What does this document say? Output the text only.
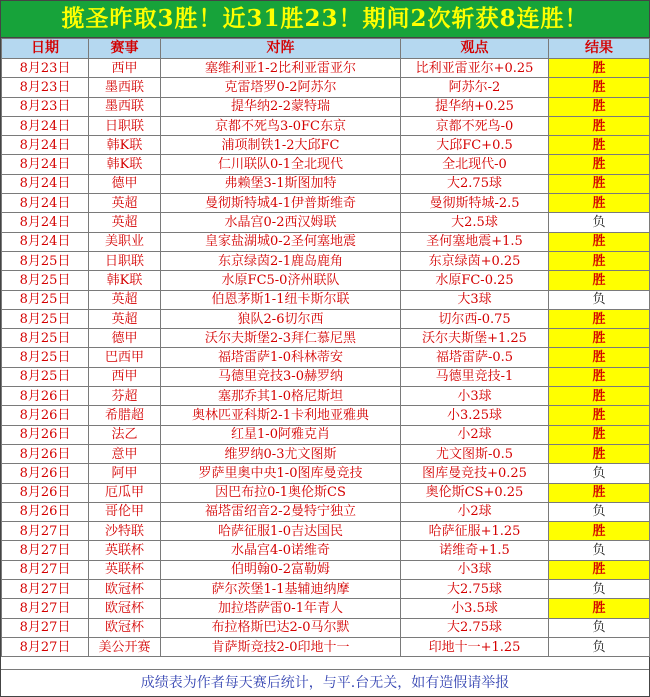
揽圣昨取3胜！近31胜23！期间2次斩获8连胜！
日期	赛事	对阵	观点	结果
8月23日	西甲	塞维利亚1-2比利亚雷亚尔	比利亚雷亚尔+0.25	胜
8月23日	墨西联	克雷塔罗0-2阿苏尔	阿苏尔-2	胜
8月23日	墨西联	提华纳2-2蒙特瑞	提华纳+0.25	胜
8月24日	日职联	京都不死鸟3-0FC东京	京都不死鸟-0	胜
8月24日	韩K联	浦项制铁1-2大邱FC	大邱FC+0.5	胜
8月24日	韩K联	仁川联队0-1全北现代	全北现代-0	胜
8月24日	德甲	弗赖堡3-1斯图加特	大2.75球	胜
8月24日	英超	曼彻斯特城4-1伊普斯维奇	曼彻斯特城-2.5	胜
8月24日	英超	水晶宫0-2西汉姆联	大2.5球	负
8月24日	美职业	皇家盐湖城0-2圣何塞地震	圣何塞地震+1.5	胜
8月25日	日职联	东京绿茵2-1鹿岛鹿角	东京绿茵+0.25	胜
8月25日	韩K联	水原FC5-0济州联队	水原FC-0.25	胜
8月25日	英超	伯恩茅斯1-1纽卡斯尔联	大3球	负
8月25日	英超	狼队2-6切尔西	切尔西-0.75	胜
8月25日	德甲	沃尔夫斯堡2-3拜仁慕尼黑	沃尔夫斯堡+1.25	胜
8月25日	巴西甲	福塔雷萨1-0科林蒂安	福塔雷萨-0.5	胜
8月25日	西甲	马德里竞技3-0赫罗纳	马德里竞技-1	胜
8月26日	芬超	塞那乔其1-0格尼斯坦	小3球	胜
8月26日	希腊超	奥林匹亚科斯2-1卡利地亚雅典	小3.25球	胜
8月26日	法乙	红星1-0阿雅克肖	小2球	胜
8月26日	意甲	维罗纳0-3尤文图斯	尤文图斯-0.5	胜
8月26日	阿甲	罗萨里奥中央1-0图库曼竞技	图库曼竞技+0.25	负
8月26日	厄瓜甲	因巴布拉0-1奥伦斯CS	奥伦斯CS+0.25	胜
8月26日	哥伦甲	福塔雷绍音2-2曼特宁独立	小2球	负
8月27日	沙特联	哈萨征服1-0吉达国民	哈萨征服+1.25	胜
8月27日	英联杯	水晶宫4-0诺维奇	诺维奇+1.5	负
8月27日	英联杯	伯明翰0-2富勒姆	小3球	胜
8月27日	欧冠杯	萨尔茨堡1-1基辅迪纳摩	大2.75球	负
8月27日	欧冠杯	加拉塔萨雷0-1年青人	小3.5球	胜
8月27日	欧冠杯	布拉格斯巴达2-0马尔默	大2.75球	负
8月27日	美公开赛	肯萨斯竞技2-0印地十一	印地十一+1.25	负
成绩表为作者每天赛后统计，与平.台无关，如有造假请举报
